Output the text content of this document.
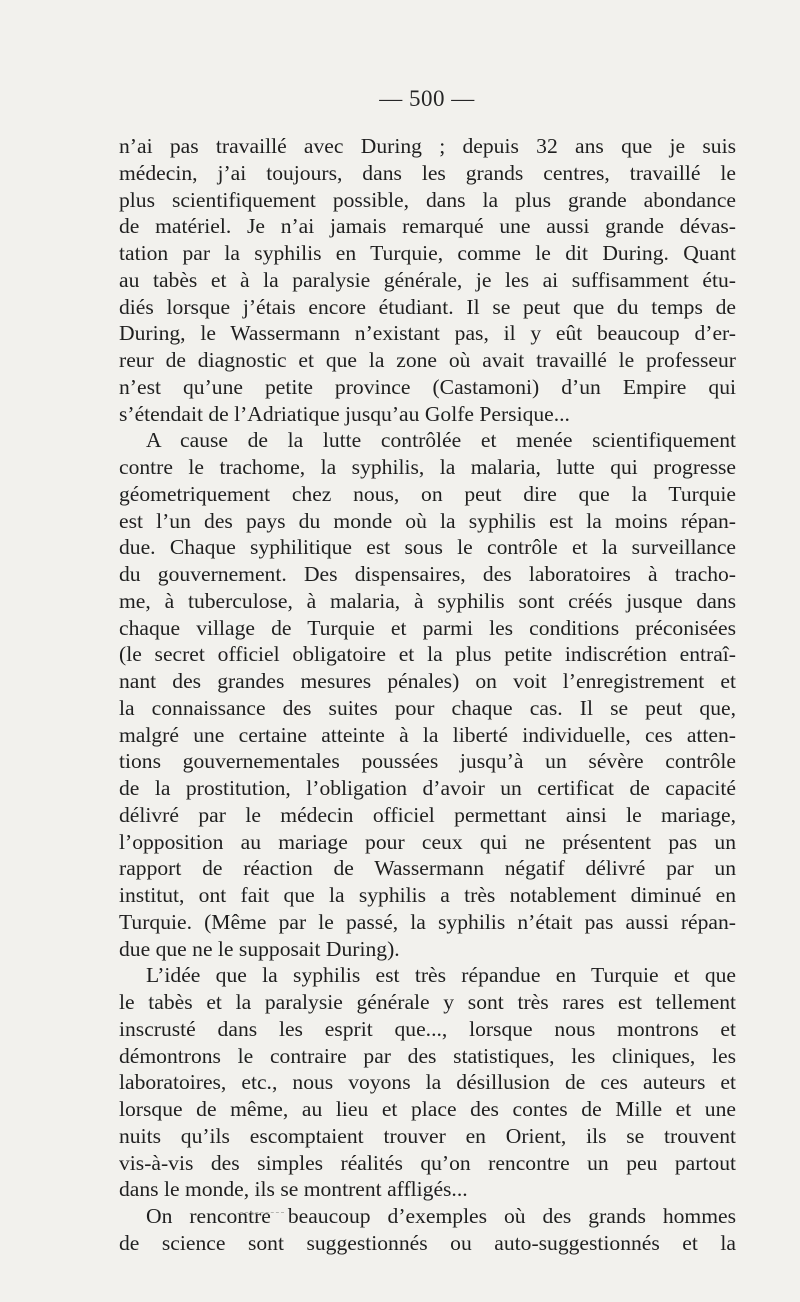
— 500 —
n’ai pas travaillé avec During ; depuis 32 ans que je suis
médecin, j’ai toujours, dans les grands centres, travaillé le
plus scientifiquement possible, dans la plus grande abondance
de matériel. Je n’ai jamais remarqué une aussi grande dévas-
tation par la syphilis en Turquie, comme le dit During. Quant
au tabès et à la paralysie générale, je les ai suffisamment étu-
diés lorsque j’étais encore étudiant. Il se peut que du temps de
During, le Wassermann n’existant pas, il y eût beaucoup d’er-
reur de diagnostic et que la zone où avait travaillé le professeur
n’est qu’une petite province (Castamoni) d’un Empire qui
s’étendait de l’Adriatique jusqu’au Golfe Persique...
A cause de la lutte contrôlée et menée scientifiquement
contre le trachome, la syphilis, la malaria, lutte qui progresse
géometriquement chez nous, on peut dire que la Turquie
est l’un des pays du monde où la syphilis est la moins répan-
due. Chaque syphilitique est sous le contrôle et la surveillance
du gouvernement. Des dispensaires, des laboratoires à tracho-
me, à tuberculose, à malaria, à syphilis sont créés jusque dans
chaque village de Turquie et parmi les conditions préconisées
(le secret officiel obligatoire et la plus petite indiscrétion entraî-
nant des grandes mesures pénales) on voit l’enregistrement et
la connaissance des suites pour chaque cas. Il se peut que,
malgré une certaine atteinte à la liberté individuelle, ces atten-
tions gouvernementales poussées jusqu’à un sévère contrôle
de la prostitution, l’obligation d’avoir un certificat de capacité
délivré par le médecin officiel permettant ainsi le mariage,
l’opposition au mariage pour ceux qui ne présentent pas un
rapport de réaction de Wassermann négatif délivré par un
institut, ont fait que la syphilis a très notablement diminué en
Turquie. (Même par le passé, la syphilis n’était pas aussi répan-
due que ne le supposait During).
L’idée que la syphilis est très répandue en Turquie et que
le tabès et la paralysie générale y sont très rares est tellement
inscrusté dans les esprit que..., lorsque nous montrons et
démontrons le contraire par des statistiques, les cliniques, les
laboratoires, etc., nous voyons la désillusion de ces auteurs et
lorsque de même, au lieu et place des contes de Mille et une
nuits qu’ils escomptaient trouver en Orient, ils se trouvent
vis-à-vis des simples réalités qu’on rencontre un peu partout
dans le monde, ils se montrent affligés...
On rencontre beaucoup d’exemples où des grands hommes
de science sont suggestionnés ou auto-suggestionnés et la
